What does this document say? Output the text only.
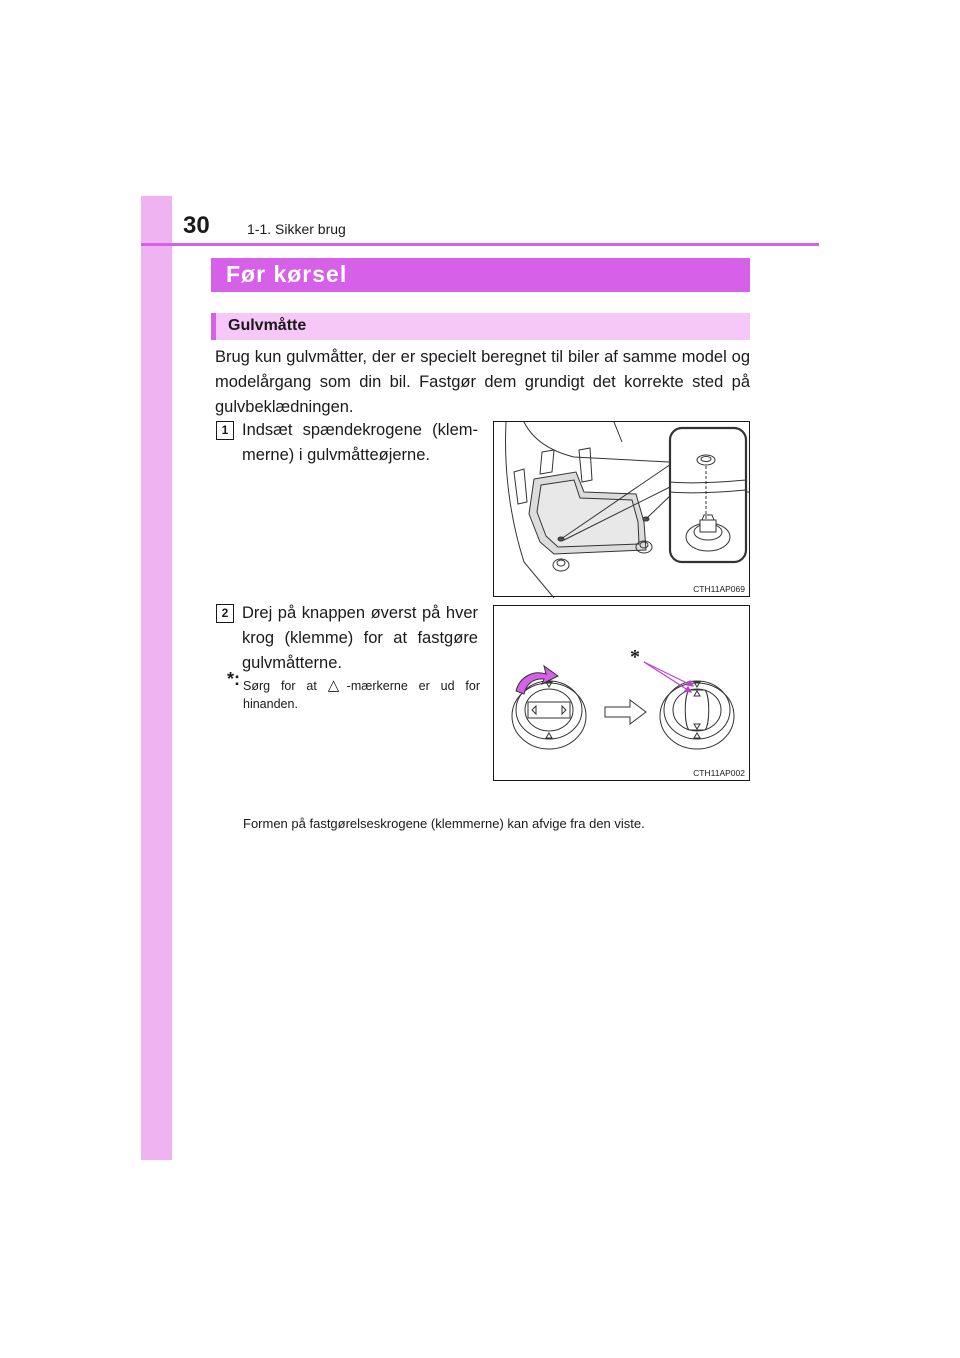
30	1-1. Sikker brug
Før kørsel
Gulvmåtte

Brug kun gulvmåtter, der er specielt beregnet til biler af samme model og modelårgang som din bil. Fastgør dem grundigt det korrekte sted på gulvbeklædningen.

1 Indsæt spændekrogene (klemmerne) i gulvmåtteøjerne.

CTH11AP069
2 Drej på knappen øverst på hver krog (klemme) for at fastgøre gulvmåtterne.

*: Sørg for at △-mærkerne er ud for hinanden.

*
CTH11AP002
Formen på fastgørelseskrogene (klemmerne) kan afvige fra den viste.
